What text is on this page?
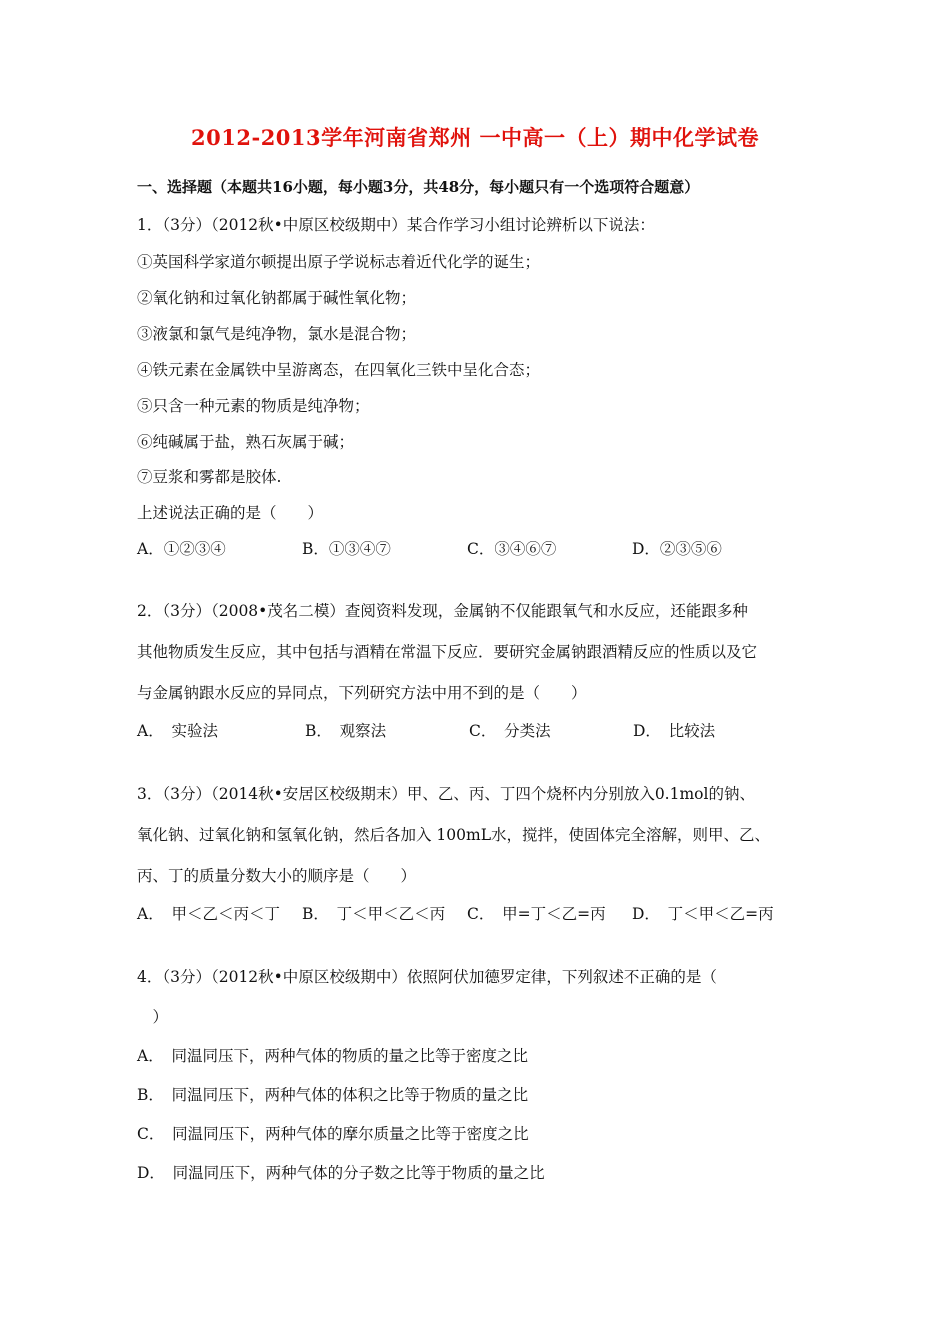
2012-2013学年河南省郑州 一中高一（上）期中化学试卷
一、选择题（本题共16小题，每小题3分，共48分，每小题只有一个选项符合题意）
1．（3分）（2012秋•中原区校级期中）某合作学习小组讨论辨析以下说法：
①英国科学家道尔顿提出原子学说标志着近代化学的诞生；
②氧化钠和过氧化钠都属于碱性氧化物；
③液氯和氯气是纯净物，氯水是混合物；
④铁元素在金属铁中呈游离态，在四氧化三铁中呈化合态；
⑤只含一种元素的物质是纯净物；
⑥纯碱属于盐，熟石灰属于碱；
⑦豆浆和雾都是胶体.
上述说法正确的是（　　）
A．①②③④	B．①③④⑦	C．③④⑥⑦	D．②③⑤⑥
2．（3分）（2008•茂名二模）查阅资料发现，金属钠不仅能跟氧气和水反应，还能跟多种
其他物质发生反应，其中包括与酒精在常温下反应．要研究金属钠跟酒精反应的性质以及它
与金属钠跟水反应的异同点，下列研究方法中用不到的是（　　）
A．　实验法	B．　观察法	C．　分类法	D．　比较法
3．（3分）（2014秋•安居区校级期末）甲、乙、丙、丁四个烧杯内分别放入0.1mol的钠、
氧化钠、过氧化钠和氢氧化钠，然后各加入 100mL水，搅拌，使固体完全溶解，则甲、乙、
丙、丁的质量分数大小的顺序是（　　）
A．　甲＜乙＜丙＜丁 B．　丁＜甲＜乙＜丙 C．　甲=丁＜乙=丙 D．　丁＜甲＜乙=丙
4．（3分）（2012秋•中原区校级期中）依照阿伏加德罗定律，下列叙述不正确的是（
　）
A．　同温同压下，两种气体的物质的量之比等于密度之比
B．　同温同压下，两种气体的体积之比等于物质的量之比
C．　同温同压下，两种气体的摩尔质量之比等于密度之比
D．　同温同压下，两种气体的分子数之比等于物质的量之比
